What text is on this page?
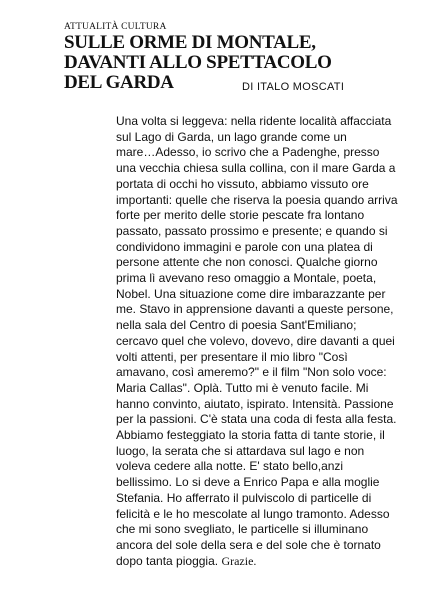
ATTUALITÀ CULTURA
SULLE ORME DI MONTALE,
DAVANTI ALLO SPETTACOLO
DEL GARDA	DI ITALO MOSCATI
Una volta si leggeva: nella ridente località affacciata
sul Lago di Garda, un lago grande come un
mare…Adesso, io scrivo che a Padenghe, presso
una vecchia chiesa sulla collina, con il mare Garda a
portata di occhi ho vissuto, abbiamo vissuto ore
importanti: quelle che riserva la poesia quando arriva
forte per merito delle storie pescate fra lontano
passato, passato prossimo e presente; e quando si
condividono immagini e parole con una platea di
persone attente che non conosci. Qualche giorno
prima lì avevano reso omaggio a Montale, poeta,
Nobel. Una situazione come dire imbarazzante per
me. Stavo in apprensione davanti a queste persone,
nella sala del Centro di poesia Sant'Emiliano;
cercavo quel che volevo, dovevo, dire davanti a quei
volti attenti, per presentare il mio libro "Così
amavano, così ameremo?" e il film "Non solo voce:
Maria Callas". Oplà. Tutto mi è venuto facile. Mi
hanno convinto, aiutato, ispirato. Intensità. Passione
per la passioni. C'è stata una coda di festa alla festa.
Abbiamo festeggiato la storia fatta di tante storie, il
luogo, la serata che si attardava sul lago e non
voleva cedere alla notte. E' stato bello,anzi
bellissimo. Lo si deve a Enrico Papa e alla moglie
Stefania. Ho afferrato il pulviscolo di particelle di
felicità e le ho mescolate al lungo tramonto. Adesso
che mi sono svegliato, le particelle si illuminano
ancora del sole della sera e del sole che è tornato
dopo tanta pioggia. Grazie.
